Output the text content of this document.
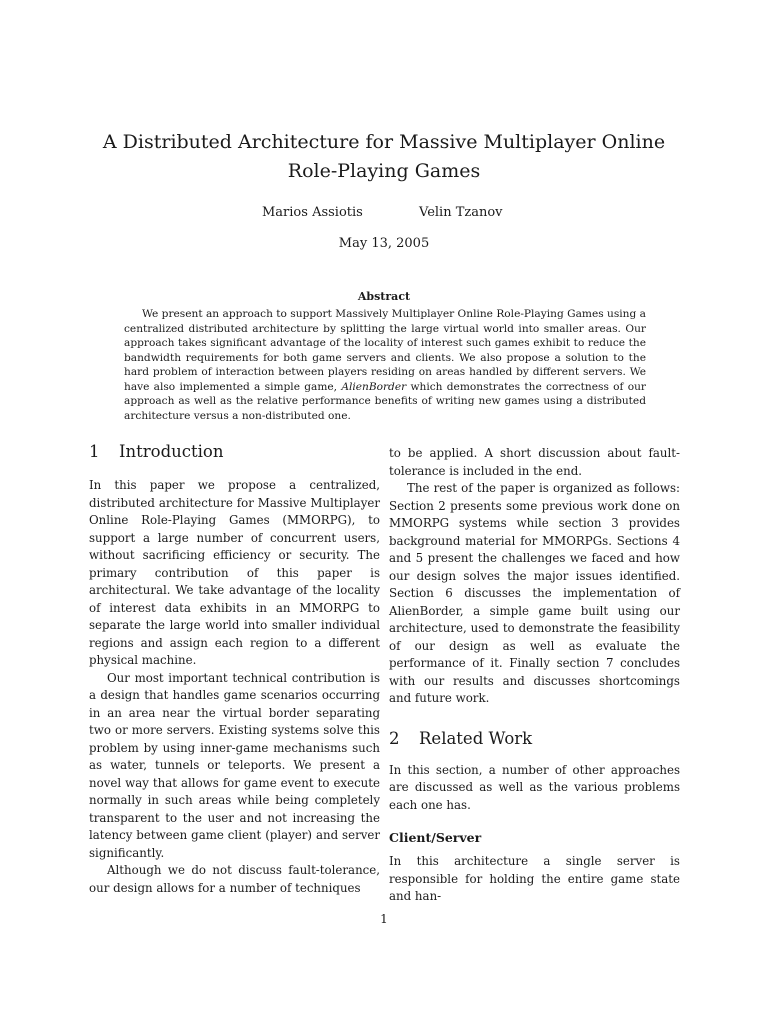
A Distributed Architecture for Massive Multiplayer Online Role-Playing Games
Marios Assiotis	Velin Tzanov
May 13, 2005
Abstract

We present an approach to support Massively Multiplayer Online Role-Playing Games using a centralized distributed architecture by splitting the large virtual world into smaller areas. Our approach takes significant advantage of the locality of interest such games exhibit to reduce the bandwidth requirements for both game servers and clients. We also propose a solution to the hard problem of interaction between players residing on areas handled by different servers. We have also implemented a simple game, AlienBorder which demonstrates the correctness of our approach as well as the relative performance benefits of writing new games using a distributed architecture versus a non-distributed one.

1 Introduction

In this paper we propose a centralized, distributed architecture for Massive Multiplayer Online Role-Playing Games (MMORPG), to support a large number of concurrent users, without sacrificing efficiency or security. The primary contribution of this paper is architectural. We take advantage of the locality of interest data exhibits in an MMORPG to separate the large world into smaller individual regions and assign each region to a different physical machine.

Our most important technical contribution is a design that handles game scenarios occurring in an area near the virtual border separating two or more servers. Existing systems solve this problem by using inner-game mechanisms such as water, tunnels or teleports. We present a novel way that allows for game event to execute normally in such areas while being completely transparent to the user and not increasing the latency between game client (player) and server significantly.

Although we do not discuss fault-tolerance, our design allows for a number of techniques

to be applied. A short discussion about fault-tolerance is included in the end.

The rest of the paper is organized as follows: Section 2 presents some previous work done on MMORPG systems while section 3 provides background material for MMORPGs. Sections 4 and 5 present the challenges we faced and how our design solves the major issues identified. Section 6 discusses the implementation of AlienBorder, a simple game built using our architecture, used to demonstrate the feasibility of our design as well as evaluate the performance of it. Finally section 7 concludes with our results and discusses shortcomings and future work.

2 Related Work

In this section, a number of other approaches are discussed as well as the various problems each one has.

Client/Server

In this architecture a single server is responsible for holding the entire game state and han-

1
